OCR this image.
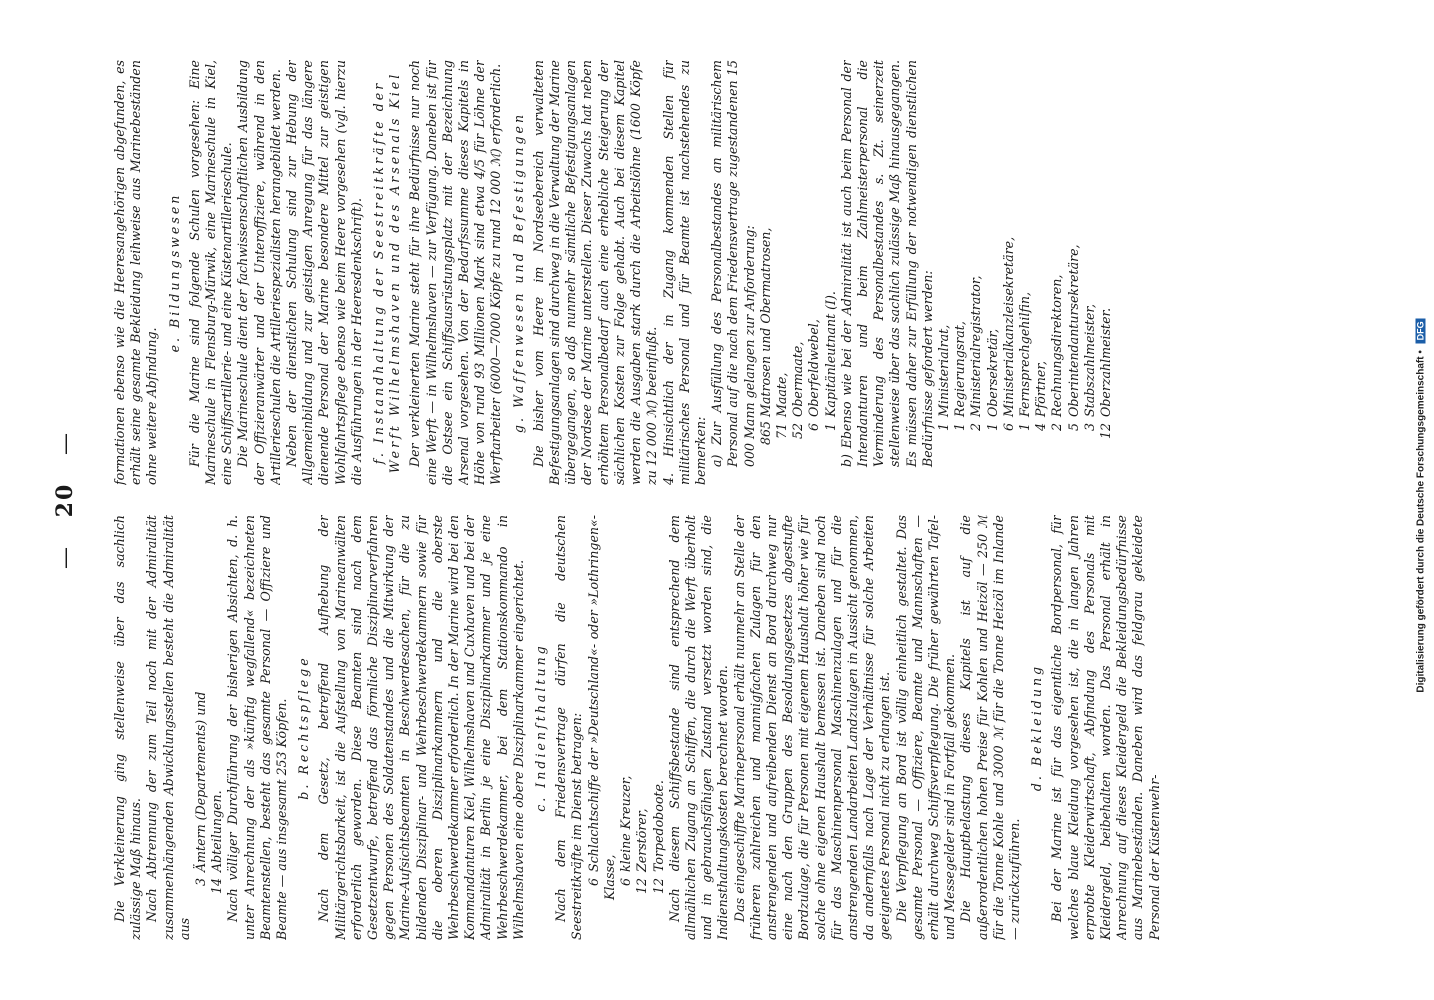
— 20 —

Die Verkleinerung ging stellenweise über das sachlich zulässige Maß hinaus. Nach Abtrennung der zum Teil noch mit der Admiralität zusammenhängenden Abwicklungsstellen besteht die Admiralität aus

3Ämtern (Departements) und
14Abteilungen. Nach völliger Durchführung der bisherigen Absichten, d. h. unter Anrechnung der als »künftig wegfallend« bezeichneten Beamtenstellen, besteht das gesamte Personal — Offiziere und Beamte — aus insgesamt 253 Köpfen. b. Rechtspflege Nach dem Gesetz, betreffend Aufhebung der Militärgerichtsbarkeit, ist die Aufstellung von Marineanwälten erforderlich geworden. Diese Beamten sind nach dem Gesetzentwurfe, betreffend das förmliche Disziplinarverfahren gegen Personen des Soldatenstandes und die Mitwirkung der Marine-Aufsichtsbeamten in Beschwerdesachen, für die zu bildenden Disziplinar- und Wehrbeschwerdekammern sowie für die oberen Disziplinarkammern und die oberste Wehrbeschwerdekammer erforderlich. In der Marine wird bei den Kommandanturen Kiel, Wilhelmshaven und Cuxhaven und bei der Admiralität in Berlin je eine Disziplinarkammer und je eine Wehrbeschwerdekammer, bei dem Stationskommando in Wilhelmshaven eine obere Disziplinarkammer eingerichtet. c. Indienſthaltung Nach dem Friedensvertrage dürfen die deutschen Seestreitkräfte im Dienst betragen: 6Schlachtschiffe der »Deutschland«- oder »Lothringen«-Klasse, 6kleine Kreuzer,
12Zerstörer,
12Torpedoboote. Nach diesem Schiffsbestande sind entsprechend dem allmählichen Zugang an Schiffen, die durch die Werft überholt und in gebrauchsfähigen Zustand versetzt worden sind, die Indiensthaltungskosten berechnet worden. Das eingeschiffte Marinepersonal erhält nunmehr an Stelle der früheren zahlreichen und mannigfachen Zulagen für den anstrengenden und aufreibenden Dienst an Bord durchweg nur eine nach den Gruppen des Besoldungsgesetzes abgestufte Bordzulage, die für Personen mit eigenem Haushalt höher wie für solche ohne eigenen Haushalt bemessen ist. Daneben sind noch für das Maschinenpersonal Maschinenzulagen und für die anstrengenden Landarbeiten Landzulagen in Aussicht genommen, da andernfalls nach Lage der Verhältnisse für solche Arbeiten geeignetes Personal nicht zu erlangen ist. Die Verpflegung an Bord ist völlig einheitlich gestaltet. Das gesamte Personal — Offiziere, Beamte und Mannschaften — erhält durchweg Schiffsverpflegung. Die früher gewährten Tafel- und Messegelder sind in Fortfall gekommen. Die Hauptbelastung dieses Kapitels ist auf die außerordentlichen hohen Preise für Kohlen und Heizöl — 250 ℳ für die Tonne Kohle und 3000 ℳ für die Tonne Heizöl im Inlande — zurückzuführen.

d. Bekleidung Bei der Marine ist für das eigentliche Bordpersonal, für welches blaue Kleidung vorgesehen ist, die in langen Jahren erprobte Kleiderwirtschaft, Abfindung des Personals mit Kleidergeld, beibehalten worden. Das Personal erhält in Anrechnung auf dieses Kleidergeld die Bekleidungsbedürfnisse aus Marinebeständen. Daneben wird das feldgrau gekleidete Personal der Küstenwehr-

formationen ebenso wie die Heeresangehörigen abgefunden, es erhält seine gesamte Bekleidung leihweise aus Marinebeständen ohne weitere Abfindung.

e. Bildungswesen Für die Marine sind folgende Schulen vorgesehen: Eine Marineschule in Flensburg-Mürwik, eine Marineschule in Kiel, eine Schiffsartillerie- und eine Küstenartillerieschule. Die Marineschule dient der fachwissenschaftlichen Ausbildung der Offizieranwärter und der Unteroffiziere, während in den Artillerieschulen die Artilleriespezialisten herangebildet werden. Neben der dienstlichen Schulung sind zur Hebung der Allgemeinbildung und zur geistigen Anregung für das längere dienende Personal der Marine besondere Mittel zur geistigen Wohlfahrtspflege ebenso wie beim Heere vorgesehen (vgl. hierzu die Ausführungen in der Heeresdenkschrift). f. Instandhaltung der Seestreitkräfte der Werft Wilhelmshaven und des Arsenals Kiel Der verkleinerten Marine steht für ihre Bedürfnisse nur noch eine Werft — in Wilhelmshaven — zur Verfügung. Daneben ist für die Ostsee ein Schiffsausrüstungsplatz mit der Bezeichnung Arsenal vorgesehen. Von der Bedarfssumme dieses Kapitels in Höhe von rund 93 Millionen Mark sind etwa 4/5 für Löhne der Werftarbeiter (6000—7000 Köpfe zu rund 12 000 ℳ) erforderlich. g. Waffenwesen und Befestigungen Die bisher vom Heere im Nordseebereich verwalteten Befestigungsanlagen sind durchweg in die Verwaltung der Marine übergegangen, so daß nunmehr sämtliche Befestigungsanlagen der Nordsee der Marine unterstellen. Dieser Zuwachs hat neben erhöhtem Personalbedarf auch eine erhebliche Steigerung der sächlichen Kosten zur Folge gehabt. Auch bei diesem Kapitel werden die Ausgaben stark durch die Arbeitslöhne (1600 Köpfe zu 12 000 ℳ) beeinflußt. 4. Hinsichtlich der in Zugang kommenden Stellen für militärisches Personal und für Beamte ist nachstehendes zu bemerken: a) Zur Ausfüllung des Personalbestandes an militärischem Personal auf die nach dem Friedensvertrage zugestandenen 15 000 Mann gelangen zur Anforderung: 865Matrosen und Obermatrosen,
71Maate,
52Obermaate,
6Oberfeldwebel,
1Kapitänleutnant (I). b) Ebenso wie bei der Admiralität ist auch beim Personal der Intendanturen und beim Zahlmeisterpersonal die Verminderung des Personalbestandes s. Zt. seinerzeit stellenweise über das sachlich zulässige Maß hinausgegangen. Es müssen daher zur Erfüllung der notwendigen dienstlichen Bedürfnisse gefordert werden: 1Ministerialrat,
1Regierungsrat,
2Ministerialregistrator,
1Obersekretär,
6Ministerialkanzleisekretäre,
1Fernsprechgehilfin,
4Pförtner,
2Rechnungsdirektoren,
5Oberintendantursekretäre,
3Stabszahlmeister,
12Oberzahlmeister.	Digitalisierung gefördert durch die Deutsche Forschungsgemeinschaft • DFG
